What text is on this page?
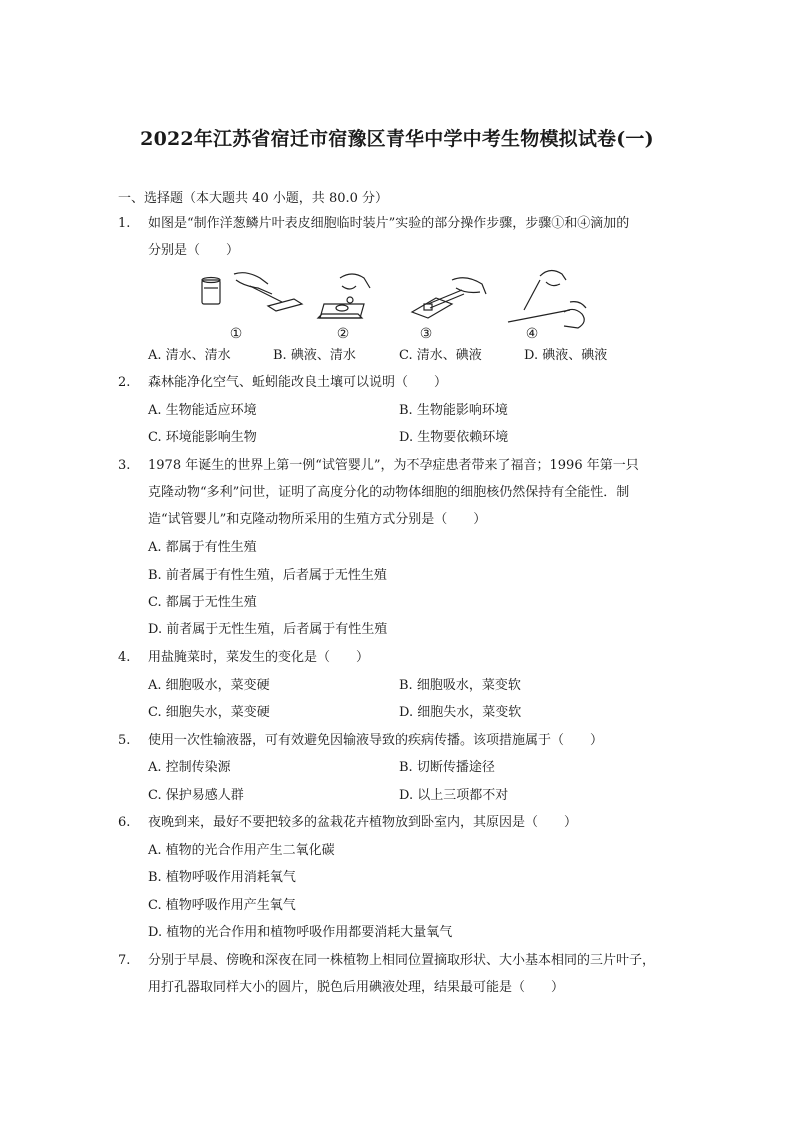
2022年江苏省宿迁市宿豫区青华中学中考生物模拟试卷(一)
一、选择题（本大题共 40 小题，共 80.0 分）
1.	如图是“制作洋葱鳞片叶表皮细胞临时装片”实验的部分操作步骤，步骤①和④滴加的
分别是（　　）
①	②	③	④
A. 清水、清水	B. 碘液、清水	C. 清水、碘液	D. 碘液、碘液
2.	森林能净化空气、蚯蚓能改良土壤可以说明（　　）
A. 生物能适应环境	B. 生物能影响环境
C. 环境能影响生物	D. 生物要依赖环境
3.	1978 年诞生的世界上第一例“试管婴儿”，为不孕症患者带来了福音；1996 年第一只
克隆动物“多利”问世，证明了高度分化的动物体细胞的细胞核仍然保持有全能性．制
造“试管婴儿”和克隆动物所采用的生殖方式分别是（　　）
A. 都属于有性生殖
B. 前者属于有性生殖，后者属于无性生殖
C. 都属于无性生殖
D. 前者属于无性生殖，后者属于有性生殖
4.	用盐腌菜时，菜发生的变化是（　　）
A. 细胞吸水，菜变硬	B. 细胞吸水，菜变软
C. 细胞失水，菜变硬	D. 细胞失水，菜变软
5.	使用一次性输液器，可有效避免因输液导致的疾病传播。该项措施属于（　　）
A. 控制传染源	B. 切断传播途径
C. 保护易感人群	D. 以上三项都不对
6.	夜晚到来，最好不要把较多的盆栽花卉植物放到卧室内，其原因是（　　）
A. 植物的光合作用产生二氧化碳
B. 植物呼吸作用消耗氧气
C. 植物呼吸作用产生氧气
D. 植物的光合作用和植物呼吸作用都要消耗大量氧气
7.	分别于早晨、傍晚和深夜在同一株植物上相同位置摘取形状、大小基本相同的三片叶子，
用打孔器取同样大小的圆片，脱色后用碘液处理，结果最可能是（　　）
